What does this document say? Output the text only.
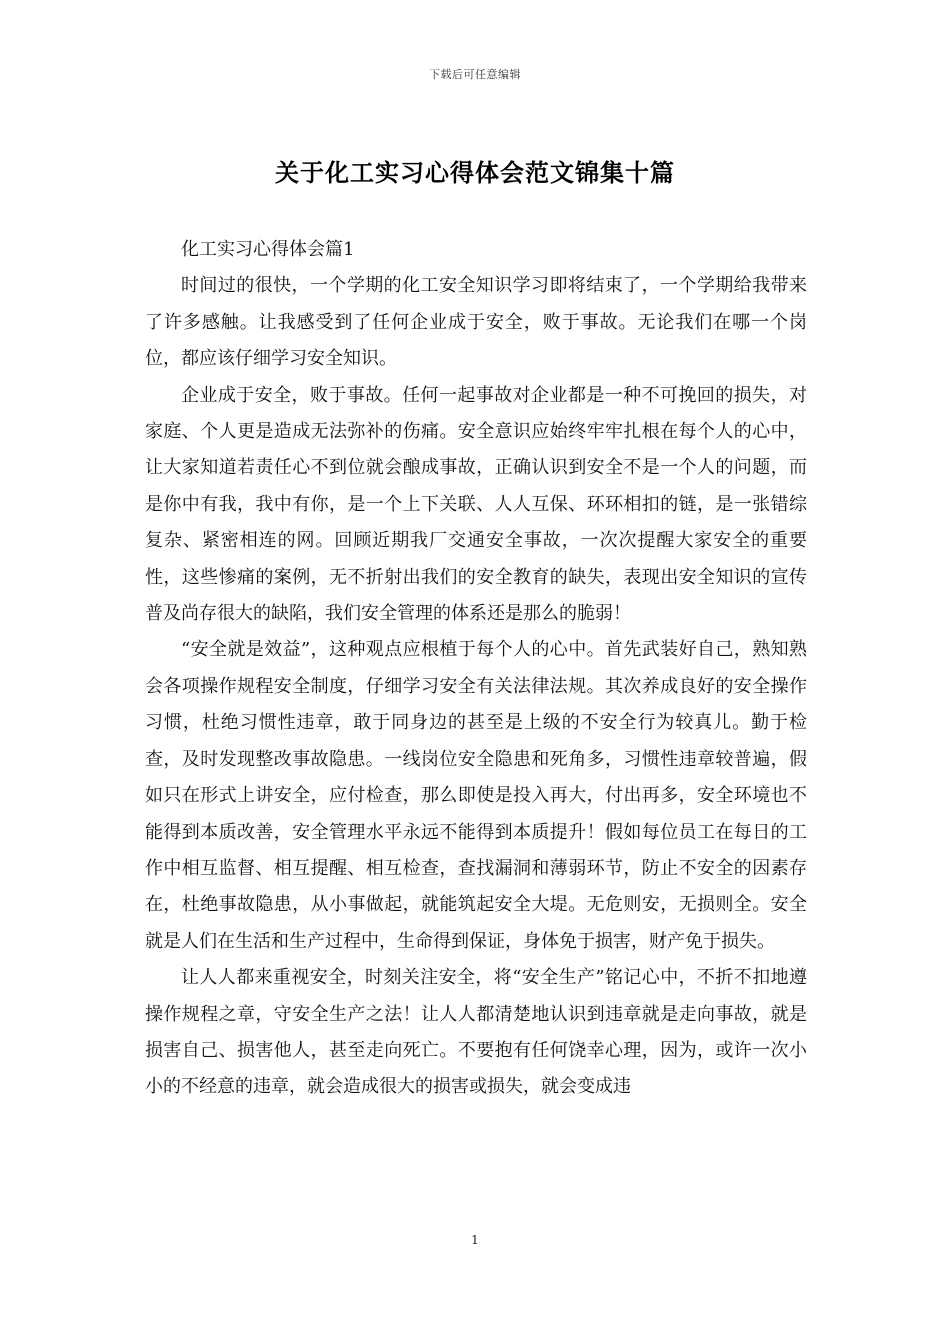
下载后可任意编辑
关于化工实习心得体会范文锦集十篇

化工实习心得体会篇1

时间过的很快，一个学期的化工安全知识学习即将结束了，一个学期给我带来了许多感触。让我感受到了任何企业成于安全，败于事故。无论我们在哪一个岗位，都应该仔细学习安全知识。

企业成于安全，败于事故。任何一起事故对企业都是一种不可挽回的损失，对家庭、个人更是造成无法弥补的伤痛。安全意识应始终牢牢扎根在每个人的心中，让大家知道若责任心不到位就会酿成事故，正确认识到安全不是一个人的问题，而是你中有我，我中有你，是一个上下关联、人人互保、环环相扣的链，是一张错综复杂、紧密相连的网。回顾近期我厂交通安全事故，一次次提醒大家安全的重要性，这些惨痛的案例，无不折射出我们的安全教育的缺失，表现出安全知识的宣传普及尚存很大的缺陷，我们安全管理的体系还是那么的脆弱！

“安全就是效益”，这种观点应根植于每个人的心中。首先武装好自己，熟知熟会各项操作规程安全制度，仔细学习安全有关法律法规。其次养成良好的安全操作习惯，杜绝习惯性违章，敢于同身边的甚至是上级的不安全行为较真儿。勤于检查，及时发现整改事故隐患。一线岗位安全隐患和死角多，习惯性违章较普遍，假如只在形式上讲安全，应付检查，那么即使是投入再大，付出再多，安全环境也不能得到本质改善，安全管理水平永远不能得到本质提升！假如每位员工在每日的工作中相互监督、相互提醒、相互检查，查找漏洞和薄弱环节，防止不安全的因素存在，杜绝事故隐患，从小事做起，就能筑起安全大堤。无危则安，无损则全。安全就是人们在生活和生产过程中，生命得到保证，身体免于损害，财产免于损失。

让人人都来重视安全，时刻关注安全，将“安全生产”铭记心中，不折不扣地遵操作规程之章，守安全生产之法！让人人都清楚地认识到违章就是走向事故，就是损害自己、损害他人，甚至走向死亡。不要抱有任何饶幸心理，因为，或许一次小小的不经意的违章，就会造成很大的损害或损失，就会变成违

1
